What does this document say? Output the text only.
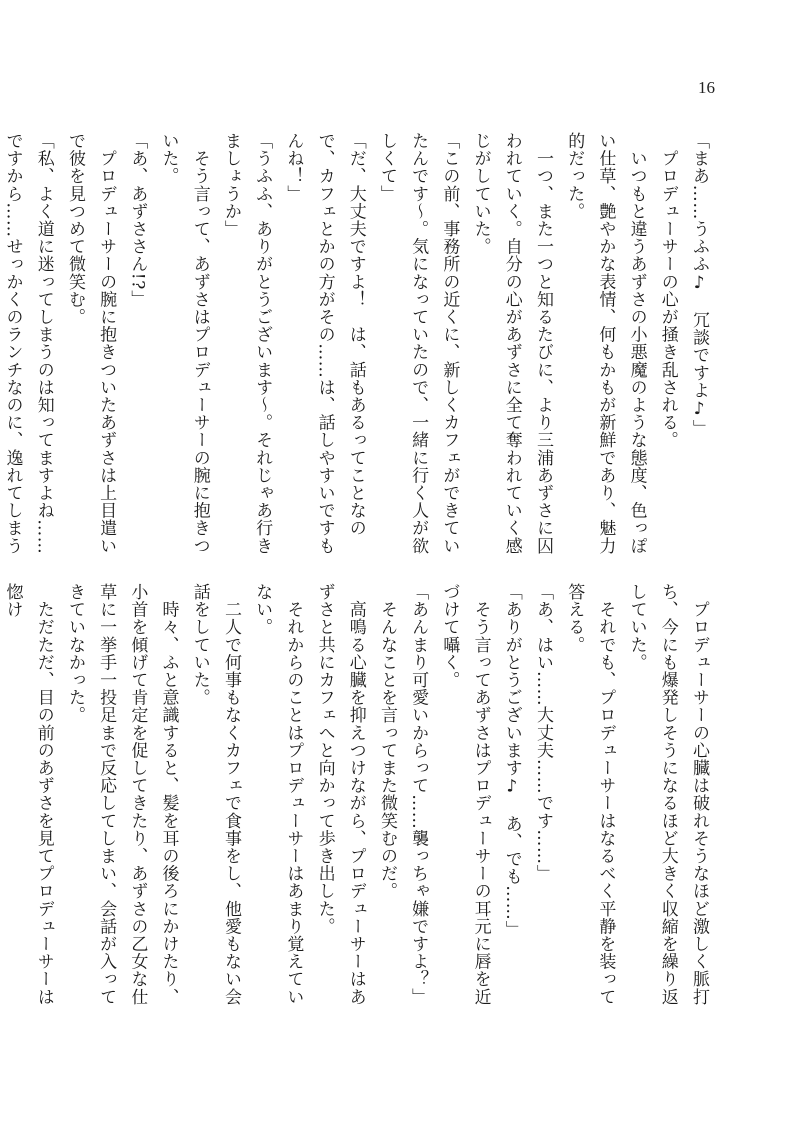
16

「まあ……うふふ♪　冗談ですよ♪」

　プロデューサーの心が掻き乱される。

　いつもと違うあずさの小悪魔のような態度、色っぽい仕草、艶やかな表情、何もかもが新鮮であり、魅力的だった。

　一つ、また一つと知るたびに、より三浦あずさに囚われていく。自分の心があずさに全て奪われていく感じがしていた。

「この前、事務所の近くに、新しくカフェができていたんです～。気になっていたので、一緒に行く人が欲しくて」

「だ、大丈夫ですよ！　は、話もあるってことなので、カフェとかの方がその……は、話しやすいですもんね！」

「うふふ、ありがとうございます～。それじゃあ行きましょうか」

　そう言って、あずさはプロデューサーの腕に抱きついた。

「あ、あずささん!?」

　プロデューサーの腕に抱きついたあずさは上目遣いで彼を見つめて微笑む。

「私、よく道に迷ってしまうのは知ってますよね……ですから……せっかくのランチなのに、逸れてしまう

　プロデューサーの心臓は破れそうなほど激しく脈打ち、今にも爆発しそうになるほど大きく収縮を繰り返していた。

　それでも、プロデューサーはなるべく平静を装って答える。

「あ、はい……大丈夫……です……」

「ありがとうございます♪　あ、でも……」

　そう言ってあずさはプロデューサーの耳元に唇を近づけて囁く。

「あんまり可愛いからって……襲っちゃ嫌ですよ？」

　そんなことを言ってまた微笑むのだ。

　高鳴る心臓を抑えつけながら、プロデューサーはあずさと共にカフェへと向かって歩き出した。

　それからのことはプロデューサーはあまり覚えていない。

　二人で何事もなくカフェで食事をし、他愛もない会話をしていた。

　時々、ふと意識すると、髪を耳の後ろにかけたり、小首を傾げて肯定を促してきたり、あずさの乙女な仕草に一挙手一投足まで反応してしまい、会話が入ってきていなかった。

　ただただ、目の前のあずさを見てプロデューサーは惚け
